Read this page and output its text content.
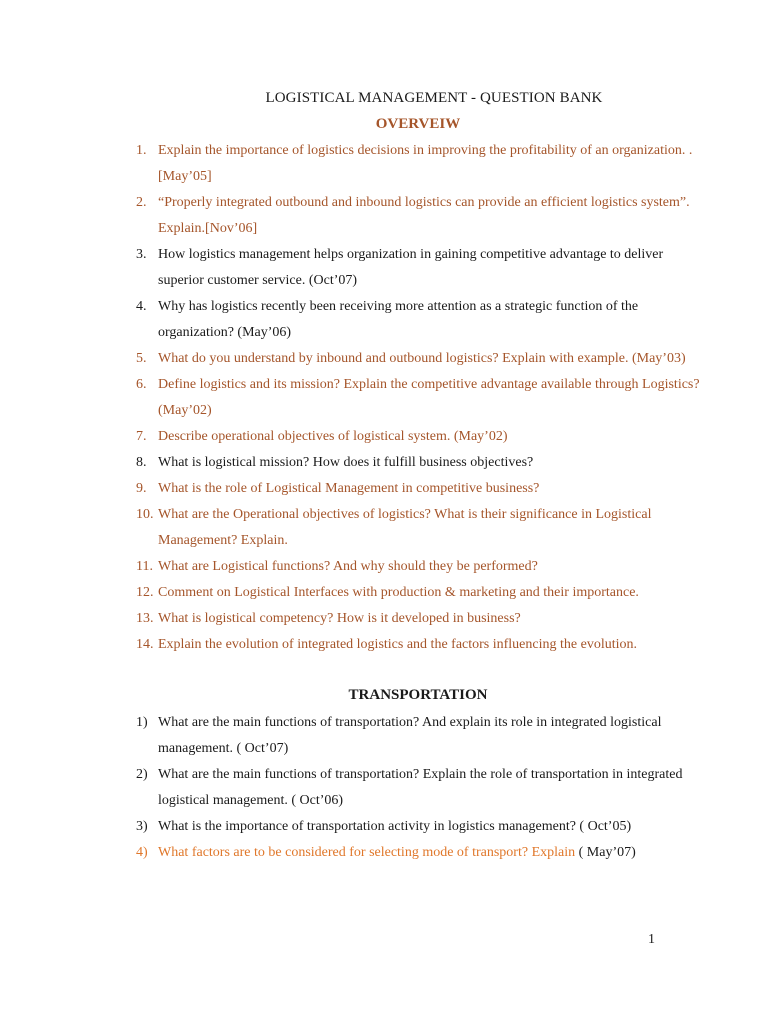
LOGISTICAL MANAGEMENT - QUESTION BANK
OVERVEIW
1. Explain the importance of logistics decisions in improving the profitability of an organization. .[May’05]
2. “Properly integrated outbound and inbound logistics can provide an efficient logistics system”. Explain.[Nov’06]
3. How logistics management helps organization in gaining competitive advantage to deliver superior customer service. (Oct’07)
4. Why has logistics recently been receiving more attention as a strategic function of the organization? (May’06)
5. What do you understand by inbound and outbound logistics? Explain with example. (May’03)
6. Define logistics and its mission? Explain the competitive advantage available through Logistics? (May’02)
7. Describe operational objectives of logistical system. (May’02)
8. What is logistical mission? How does it fulfill business objectives?
9. What is the role of Logistical Management in competitive business?
10. What are the Operational objectives of logistics? What is their significance in Logistical Management? Explain.
11. What are Logistical functions? And why should they be performed?
12. Comment on Logistical Interfaces with production & marketing and their importance.
13. What is logistical competency? How is it developed in business?
14. Explain the evolution of integrated logistics and the factors influencing the evolution.
TRANSPORTATION
1) What are the main functions of transportation? And explain its role in integrated logistical management. ( Oct’07)
2) What are the main functions of transportation? Explain the role of transportation in integrated logistical management. ( Oct’06)
3) What is the importance of transportation activity in logistics management? ( Oct’05)
4) What factors are to be considered for selecting mode of transport? Explain ( May’07)
1
